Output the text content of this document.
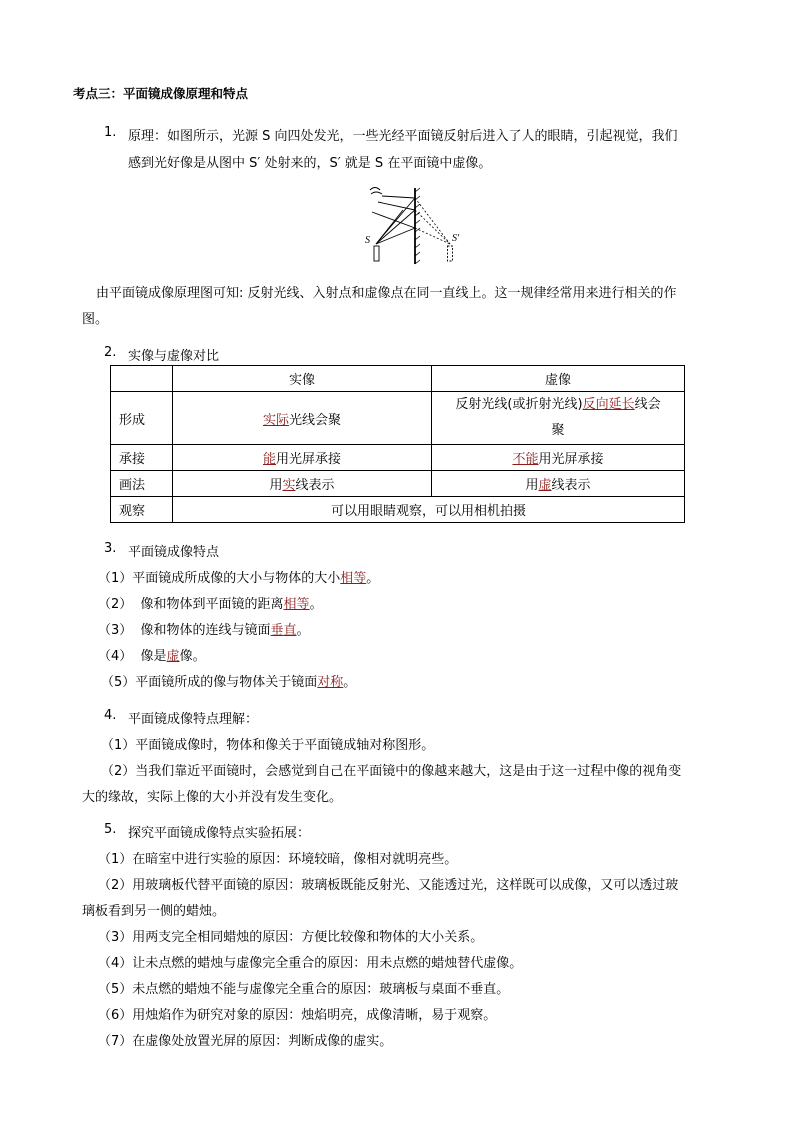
考点三：平面镜成像原理和特点
1. 原理：如图所示，光源 S 向四处发光，一些光经平面镜反射后进入了人的眼睛，引起视觉，我们
感到光好像是从图中 S′ 处射来的，S′ 就是 S 在平面镜中虚像。
S	S′
由平面镜成像原理图可知: 反射光线、入射点和虚像点在同一直线上。这一规律经常用来进行相关的作
图。
2. 实像与虚像对比
	实像	虚像
形成	实际光线会聚	反射光线(或折射光线)反向延长线会
聚
承接	能用光屏承接	不能用光屏承接
画法	用实线表示	用虚线表示
观察	可以用眼睛观察，可以用相机拍摄	
3. 平面镜成像特点
（1）平面镜成所成像的大小与物体的大小相等。
（2）  像和物体到平面镜的距离相等。
（3）  像和物体的连线与镜面垂直。
（4）  像是虚像。
（5）平面镜所成的像与物体关于镜面对称。
4. 平面镜成像特点理解：
（1）平面镜成像时，物体和像关于平面镜成轴对称图形。
（2）当我们靠近平面镜时，会感觉到自己在平面镜中的像越来越大，这是由于这一过程中像的视角变
大的缘故，实际上像的大小并没有发生变化。
5. 探究平面镜成像特点实验拓展：
（1）在暗室中进行实验的原因：环境较暗，像相对就明亮些。
（2）用玻璃板代替平面镜的原因：玻璃板既能反射光、又能透过光，这样既可以成像，又可以透过玻
璃板看到另一侧的蜡烛。
（3）用两支完全相同蜡烛的原因：方便比较像和物体的大小关系。
（4）让未点燃的蜡烛与虚像完全重合的原因：用未点燃的蜡烛替代虚像。
（5）未点燃的蜡烛不能与虚像完全重合的原因：玻璃板与桌面不垂直。
（6）用烛焰作为研究对象的原因：烛焰明亮，成像清晰，易于观察。
（7）在虚像处放置光屏的原因：判断成像的虚实。
